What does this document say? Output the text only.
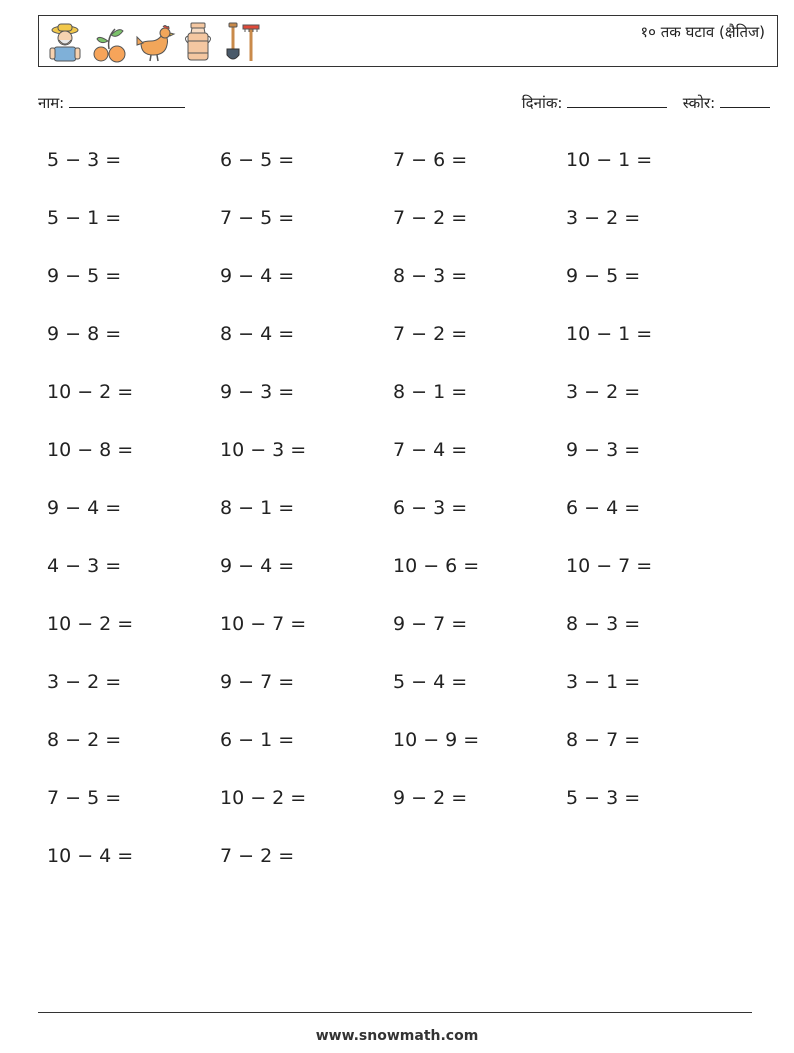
१० तक घटाव (क्षैतिज)
नाम:	दिनांक:	स्कोर:
5 − 3 =	6 − 5 =	7 − 6 =	10 − 1 =
5 − 1 =	7 − 5 =	7 − 2 =	3 − 2 =
9 − 5 =	9 − 4 =	8 − 3 =	9 − 5 =
9 − 8 =	8 − 4 =	7 − 2 =	10 − 1 =
10 − 2 =	9 − 3 =	8 − 1 =	3 − 2 =
10 − 8 =	10 − 3 =	7 − 4 =	9 − 3 =
9 − 4 =	8 − 1 =	6 − 3 =	6 − 4 =
4 − 3 =	9 − 4 =	10 − 6 =	10 − 7 =
10 − 2 =	10 − 7 =	9 − 7 =	8 − 3 =
3 − 2 =	9 − 7 =	5 − 4 =	3 − 1 =
8 − 2 =	6 − 1 =	10 − 9 =	8 − 7 =
7 − 5 =	10 − 2 =	9 − 2 =	5 − 3 =
10 − 4 =	7 − 2 =
www.snowmath.com
